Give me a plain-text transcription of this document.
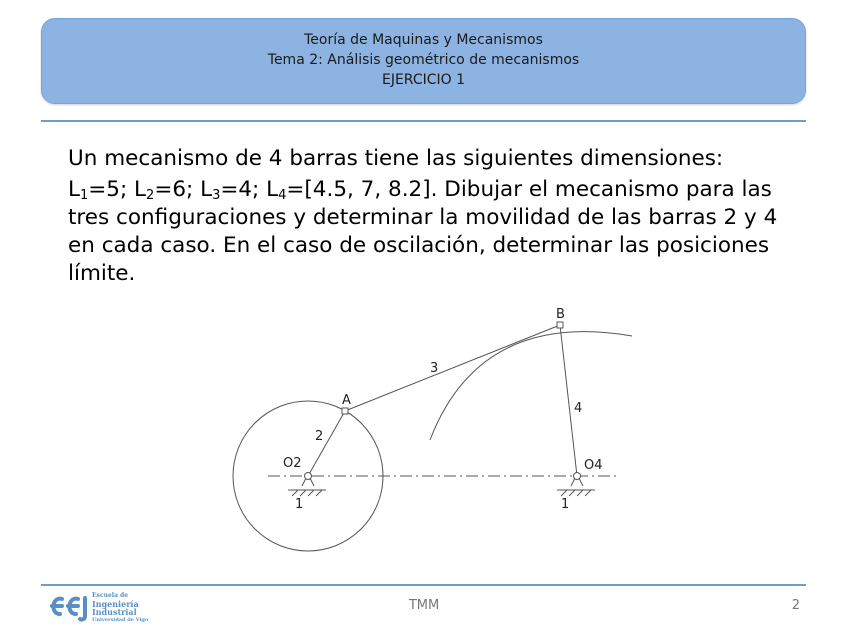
Teoría de Maquinas y Mecanismos
Tema 2: Análisis geométrico de mecanismos
EJERCICIO 1

Un mecanismo de 4 barras tiene las siguientes dimensiones:

$L_1=5$; $L_2=6$; $L_3=4$; $L_4=[4.5$, 7, 8.2]. Dibujar el mecanismo para las tres configuraciones y determinar la movilidad de las barras 2 y 4 en cada caso. En el caso de oscilación, determinar las posiciones límite.

A
B
2
3
4
O2	O4
1	1
Escuela de
Ingeniería
Industrial
Universidad de Vigo
TMM	2
